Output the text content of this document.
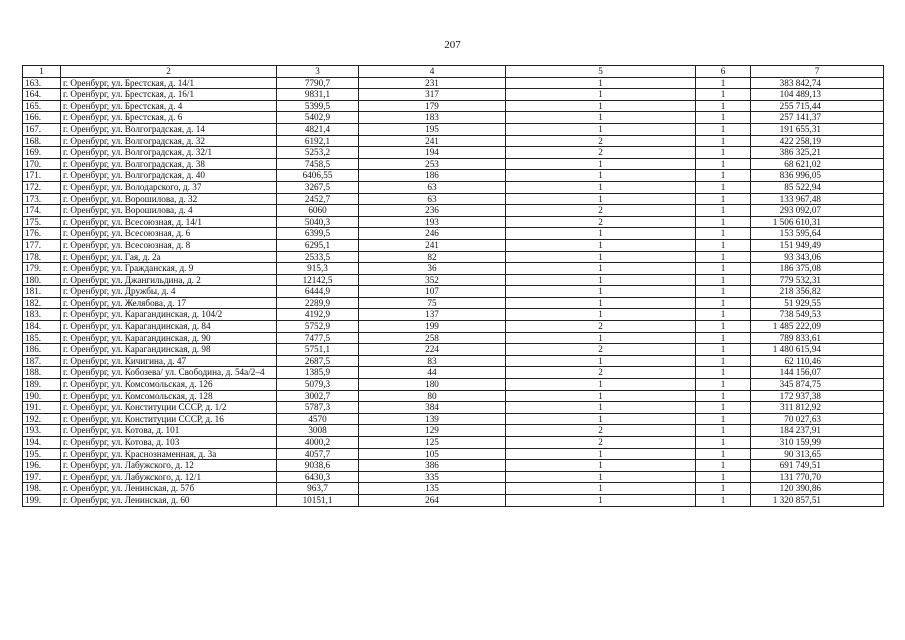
207
1	2	3	4	5	6	7
163.	г. Оренбург, ул. Брестская, д. 14/1	7790,7	231	1	1	383 842,74
164.	г. Оренбург, ул. Брестская, д. 16/1	9831,1	317	1	1	104 489,13
165.	г. Оренбург, ул. Брестская, д. 4	5399,5	179	1	1	255 715,44
166.	г. Оренбург, ул. Брестская, д. 6	5402,9	183	1	1	257 141,37
167.	г. Оренбург, ул. Волгоградская, д. 14	4821,4	195	1	1	191 655,31
168.	г. Оренбург, ул. Волгоградская, д. 32	6192,1	241	2	1	422 258,19
169.	г. Оренбург, ул. Волгоградская, д. 32/1	5253,2	194	2	1	386 325,21
170.	г. Оренбург, ул. Волгоградская, д. 38	7458,5	253	1	1	68 621,02
171.	г. Оренбург, ул. Волгоградская, д. 40	6406,55	186	1	1	836 996,05
172.	г. Оренбург, ул. Володарского, д. 37	3267,5	63	1	1	85 522,94
173.	г. Оренбург, ул. Ворошилова, д. 32	2452,7	63	1	1	133 967,48
174.	г. Оренбург, ул. Ворошилова, д. 4	6060	236	2	1	293 092,07
175.	г. Оренбург, ул. Всесоюзная, д. 14/1	5040,3	193	2	1	1 506 610,31
176.	г. Оренбург, ул. Всесоюзная, д. 6	6399,5	246	1	1	153 595,64
177.	г. Оренбург, ул. Всесоюзная, д. 8	6295,1	241	1	1	151 949,49
178.	г. Оренбург, ул. Гая, д. 2а	2533,5	82	1	1	93 343,06
179.	г. Оренбург, ул. Гражданская, д. 9	915,3	36	1	1	186 375,08
180.	г. Оренбург, ул. Джангильдина, д. 2	12142,5	352	1	1	779 532,31
181.	г. Оренбург, ул. Дружбы, д. 4	6444,9	107	1	1	218 356,82
182.	г. Оренбург, ул. Желябова, д. 17	2289,9	75	1	1	51 929,55
183.	г. Оренбург, ул. Карагандинская, д. 104/2	4192,9	137	1	1	738 549,53
184.	г. Оренбург, ул. Карагандинская, д. 84	5752,9	199	2	1	1 485 222,09
185.	г. Оренбург, ул. Карагандинская, д. 90	7477,5	258	1	1	789 833,61
186.	г. Оренбург, ул. Карагандинская, д. 98	5751,1	224	2	1	1 480 615,94
187.	г. Оренбург, ул. Кичигина, д. 47	2687,5	83	1	1	62 110,46
188.	г. Оренбург, ул. Кобозева/ ул. Свободина, д. 54а/2–4	1385,9	44	2	1	144 156,07
189.	г. Оренбург, ул. Комсомольская, д. 126	5079,3	180	1	1	345 874,75
190.	г. Оренбург, ул. Комсомольская, д. 128	3002,7	80	1	1	172 937,38
191.	г. Оренбург, ул. Конституции СССР, д. 1/2	5787,3	384	1	1	311 812,92
192.	г. Оренбург, ул. Конституции СССР, д. 16	4570	139	1	1	70 027,63
193.	г. Оренбург, ул. Котова, д. 101	3008	129	2	1	184 237,91
194.	г. Оренбург, ул. Котова, д. 103	4000,2	125	2	1	310 159,99
195.	г. Оренбург, ул. Краснознаменная, д. 3а	4057,7	105	1	1	90 313,65
196.	г. Оренбург, ул. Лабужского, д. 12	9038,6	386	1	1	691 749,51
197.	г. Оренбург, ул. Лабужского, д. 12/1	6430,3	335	1	1	131 770,70
198.	г. Оренбург, ул. Ленинская, д. 57б	963,7	135	1	1	120 390,86
199.	г. Оренбург, ул. Ленинская, д. 60	10151,1	264	1	1	1 320 857,51
